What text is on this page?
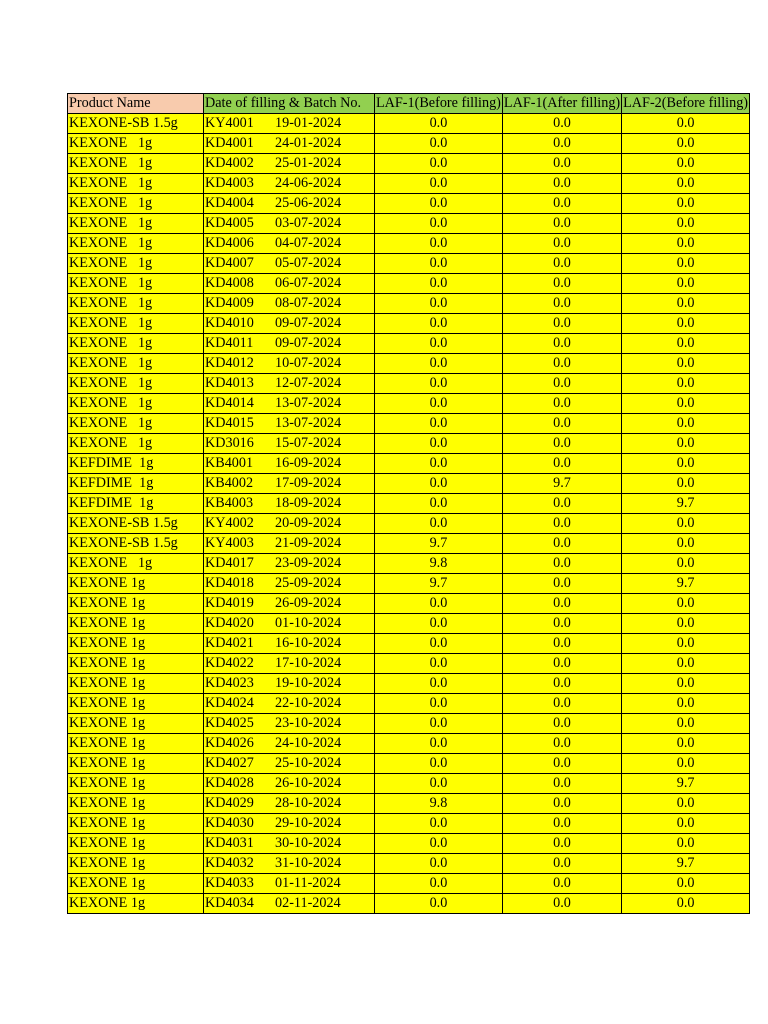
Product Name	Date of filling & Batch No.	LAF-1(Before filling)	LAF-1(After filling)	LAF-2(Before filling)
KEXONE-SB 1.5g	KY4001 19-01-2024	0.0	0.0	0.0
KEXONE   1g	KD4001 24-01-2024	0.0	0.0	0.0
KEXONE   1g	KD4002 25-01-2024	0.0	0.0	0.0
KEXONE   1g	KD4003 24-06-2024	0.0	0.0	0.0
KEXONE   1g	KD4004 25-06-2024	0.0	0.0	0.0
KEXONE   1g	KD4005 03-07-2024	0.0	0.0	0.0
KEXONE   1g	KD4006 04-07-2024	0.0	0.0	0.0
KEXONE   1g	KD4007 05-07-2024	0.0	0.0	0.0
KEXONE   1g	KD4008 06-07-2024	0.0	0.0	0.0
KEXONE   1g	KD4009 08-07-2024	0.0	0.0	0.0
KEXONE   1g	KD4010 09-07-2024	0.0	0.0	0.0
KEXONE   1g	KD4011 09-07-2024	0.0	0.0	0.0
KEXONE   1g	KD4012 10-07-2024	0.0	0.0	0.0
KEXONE   1g	KD4013 12-07-2024	0.0	0.0	0.0
KEXONE   1g	KD4014 13-07-2024	0.0	0.0	0.0
KEXONE   1g	KD4015 13-07-2024	0.0	0.0	0.0
KEXONE   1g	KD3016 15-07-2024	0.0	0.0	0.0
KEFDIME  1g	KB4001 16-09-2024	0.0	0.0	0.0
KEFDIME  1g	KB4002 17-09-2024	0.0	9.7	0.0
KEFDIME  1g	KB4003 18-09-2024	0.0	0.0	9.7
KEXONE-SB 1.5g	KY4002 20-09-2024	0.0	0.0	0.0
KEXONE-SB 1.5g	KY4003 21-09-2024	9.7	0.0	0.0
KEXONE   1g	KD4017 23-09-2024	9.8	0.0	0.0
KEXONE 1g	KD4018 25-09-2024	9.7	0.0	9.7
KEXONE 1g	KD4019 26-09-2024	0.0	0.0	0.0
KEXONE 1g	KD4020 01-10-2024	0.0	0.0	0.0
KEXONE 1g	KD4021 16-10-2024	0.0	0.0	0.0
KEXONE 1g	KD4022 17-10-2024	0.0	0.0	0.0
KEXONE 1g	KD4023 19-10-2024	0.0	0.0	0.0
KEXONE 1g	KD4024 22-10-2024	0.0	0.0	0.0
KEXONE 1g	KD4025 23-10-2024	0.0	0.0	0.0
KEXONE 1g	KD4026 24-10-2024	0.0	0.0	0.0
KEXONE 1g	KD4027 25-10-2024	0.0	0.0	0.0
KEXONE 1g	KD4028 26-10-2024	0.0	0.0	9.7
KEXONE 1g	KD4029 28-10-2024	9.8	0.0	0.0
KEXONE 1g	KD4030 29-10-2024	0.0	0.0	0.0
KEXONE 1g	KD4031 30-10-2024	0.0	0.0	0.0
KEXONE 1g	KD4032 31-10-2024	0.0	0.0	9.7
KEXONE 1g	KD4033 01-11-2024	0.0	0.0	0.0
KEXONE 1g	KD4034 02-11-2024	0.0	0.0	0.0
